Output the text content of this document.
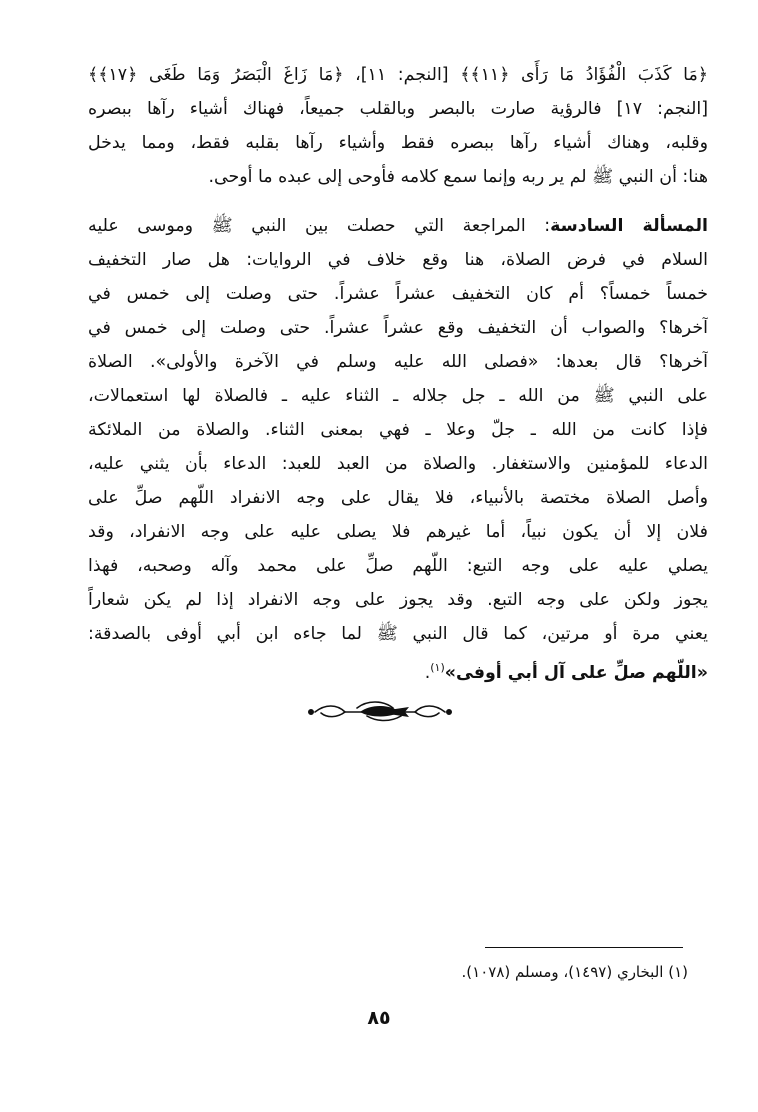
﴿مَا كَذَبَ الْفُؤَادُ مَا رَأَى ﴿١١﴾﴾ [النجم: ١١]، ﴿مَا زَاغَ الْبَصَرُ وَمَا طَغَى ﴿١٧﴾﴾
[النجم: ١٧] فالرؤية صارت بالبصر وبالقلب جميعاً، فهناك أشياء رآها ببصره
وقلبه، وهناك أشياء رآها ببصره فقط وأشياء رآها بقلبه فقط، ومما يدخل
هنا: أن النبي ﷺ لم ير ربه وإنما سمع كلامه فأوحى إلى عبده ما أوحى.
المسألة السادسة: المراجعة التي حصلت بين النبي ﷺ وموسى عليه
السلام في فرض الصلاة، هنا وقع خلاف في الروايات: هل صار التخفيف
خمساً خمساً؟ أم كان التخفيف عشراً عشراً. حتى وصلت إلى خمس في
آخرها؟ والصواب أن التخفيف وقع عشراً عشراً. حتى وصلت إلى خمس في
آخرها؟ قال بعدها: «فصلى الله عليه وسلم في الآخرة والأولى». الصلاة
على النبي ﷺ من الله ـ جل جلاله ـ الثناء عليه ـ فالصلاة لها استعمالات،
فإذا كانت من الله ـ جلّ وعلا ـ فهي بمعنى الثناء. والصلاة من الملائكة
الدعاء للمؤمنين والاستغفار. والصلاة من العبد للعبد: الدعاء بأن يثني عليه،
وأصل الصلاة مختصة بالأنبياء، فلا يقال على وجه الانفراد اللّهم صلِّ على
فلان إلا أن يكون نبياً، أما غيرهم فلا يصلى عليه على وجه الانفراد، وقد
يصلي عليه على وجه التبع: اللّهم صلِّ على محمد وآله وصحبه، فهذا
يجوز ولكن على وجه التبع. وقد يجوز على وجه الانفراد إذا لم يكن شعاراً
يعني مرة أو مرتين، كما قال النبي ﷺ لما جاءه ابن أبي أوفى بالصدقة:
«اللّهم صلِّ على آل أبي أوفى»$^{(١)}$.
(١) البخاري (١٤٩٧)، ومسلم (١٠٧٨).
٨٥
